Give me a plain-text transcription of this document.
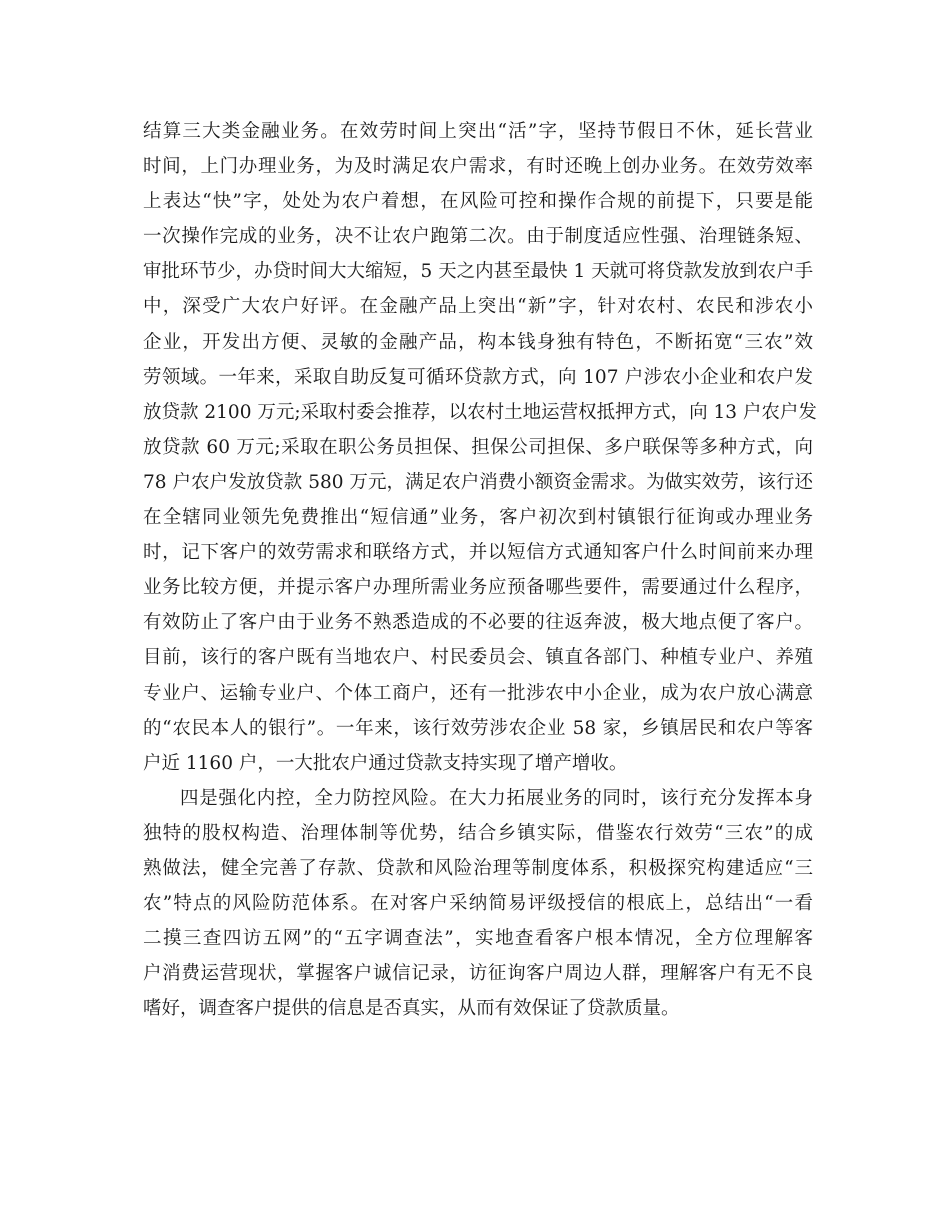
结算三大类金融业务。在效劳时间上突出“活”字，坚持节假日不休，延长营业
时间，上门办理业务，为及时满足农户需求，有时还晚上创办业务。在效劳效率
上表达“快”字，处处为农户着想，在风险可控和操作合规的前提下，只要是能
一次操作完成的业务，决不让农户跑第二次。由于制度适应性强、治理链条短、
审批环节少，办贷时间大大缩短，5 天之内甚至最快 1 天就可将贷款发放到农户手
中，深受广大农户好评。在金融产品上突出“新”字，针对农村、农民和涉农小
企业，开发出方便、灵敏的金融产品，构本钱身独有特色，不断拓宽“三农”效
劳领域。一年来，采取自助反复可循环贷款方式，向 107 户涉农小企业和农户发
放贷款 2100 万元;采取村委会推荐，以农村土地运营权抵押方式，向 13 户农户发
放贷款 60 万元;采取在职公务员担保、担保公司担保、多户联保等多种方式，向
78 户农户发放贷款 580 万元，满足农户消费小额资金需求。为做实效劳，该行还
在全辖同业领先免费推出“短信通”业务，客户初次到村镇银行征询或办理业务
时，记下客户的效劳需求和联络方式，并以短信方式通知客户什么时间前来办理
业务比较方便，并提示客户办理所需业务应预备哪些要件，需要通过什么程序，
有效防止了客户由于业务不熟悉造成的不必要的往返奔波，极大地点便了客户。
目前，该行的客户既有当地农户、村民委员会、镇直各部门、种植专业户、养殖
专业户、运输专业户、个体工商户，还有一批涉农中小企业，成为农户放心满意
的“农民本人的银行”。一年来，该行效劳涉农企业 58 家，乡镇居民和农户等客
户近 1160 户，一大批农户通过贷款支持实现了增产增收。
四是强化内控，全力防控风险。在大力拓展业务的同时，该行充分发挥本身
独特的股权构造、治理体制等优势，结合乡镇实际，借鉴农行效劳“三农”的成
熟做法，健全完善了存款、贷款和风险治理等制度体系，积极探究构建适应“三
农”特点的风险防范体系。在对客户采纳简易评级授信的根底上，总结出“一看
二摸三查四访五网”的“五字调查法”，实地查看客户根本情况，全方位理解客
户消费运营现状，掌握客户诚信记录，访征询客户周边人群，理解客户有无不良
嗜好，调查客户提供的信息是否真实，从而有效保证了贷款质量。
